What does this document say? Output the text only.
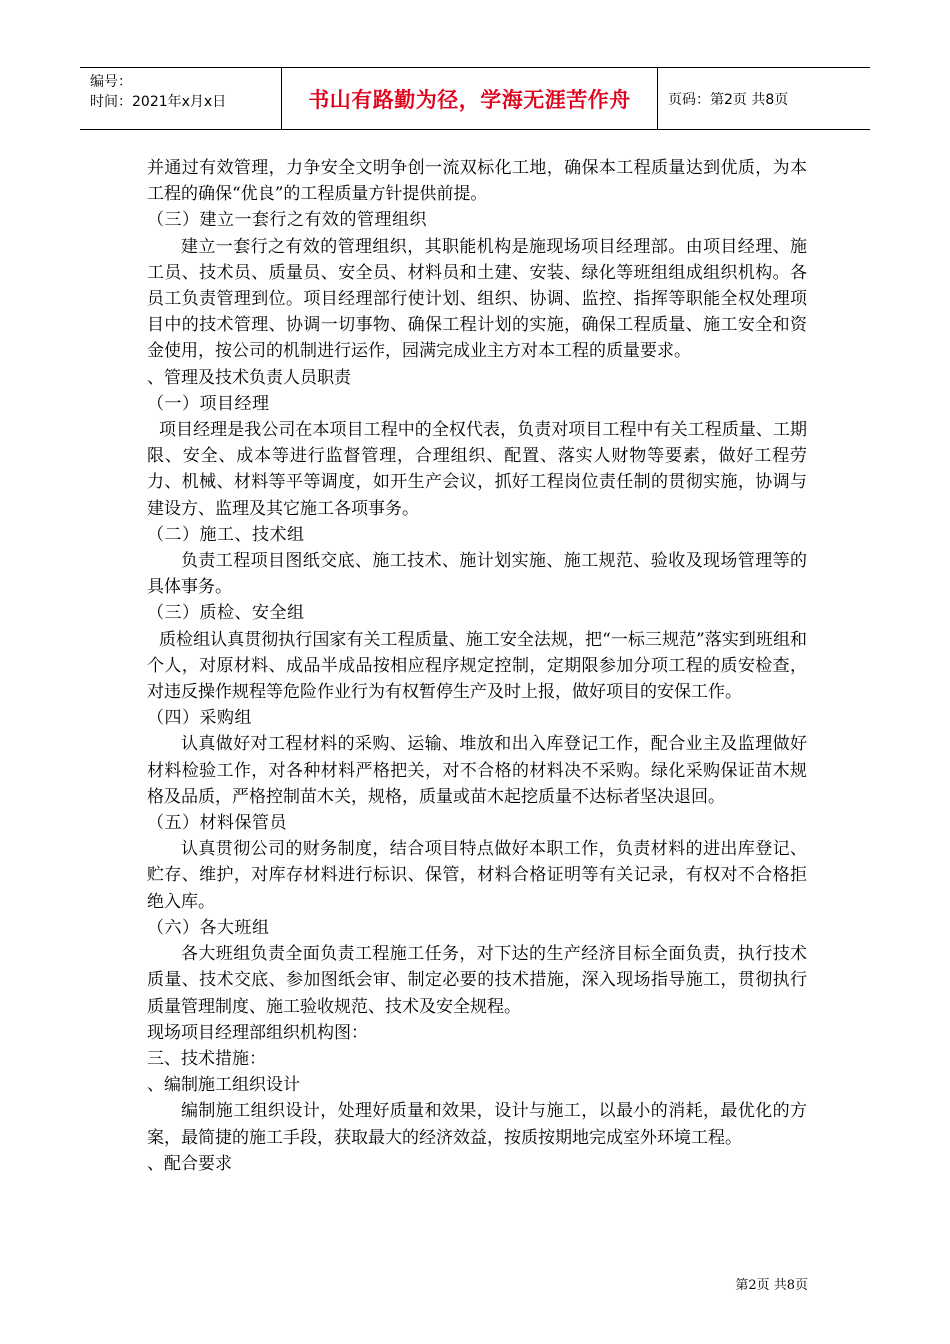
编号：
时间：2021年x月x日	书山有路勤为径，学海无涯苦作舟	页码：第2页 共8页

并通过有效管理，力争安全文明争创一流双标化工地，确保本工程质量达到优质，为本工程的确保“优良”的工程质量方针提供前提。

（三）建立一套行之有效的管理组织

建立一套行之有效的管理组织，其职能机构是施现场项目经理部。由项目经理、施工员、技术员、质量员、安全员、材料员和土建、安装、绿化等班组组成组织机构。各员工负责管理到位。项目经理部行使计划、组织、协调、监控、指挥等职能全权处理项目中的技术管理、协调一切事物、确保工程计划的实施，确保工程质量、施工安全和资金使用，按公司的机制进行运作，园满完成业主方对本工程的质量要求。

、管理及技术负责人员职责

（一）项目经理

项目经理是我公司在本项目工程中的全权代表，负责对项目工程中有关工程质量、工期限、安全、成本等进行监督管理，合理组织、配置、落实人财物等要素，做好工程劳力、机械、材料等平等调度，如开生产会议，抓好工程岗位责任制的贯彻实施，协调与建设方、监理及其它施工各项事务。

（二）施工、技术组

负责工程项目图纸交底、施工技术、施计划实施、施工规范、验收及现场管理等的具体事务。

（三）质检、安全组

质检组认真贯彻执行国家有关工程质量、施工安全法规，把“一标三规范”落实到班组和个人，对原材料、成品半成品按相应程序规定控制，定期限参加分项工程的质安检查，对违反操作规程等危险作业行为有权暂停生产及时上报，做好项目的安保工作。

（四）采购组

认真做好对工程材料的采购、运输、堆放和出入库登记工作，配合业主及监理做好材料检验工作，对各种材料严格把关，对不合格的材料决不采购。绿化采购保证苗木规格及品质，严格控制苗木关，规格，质量或苗木起挖质量不达标者坚决退回。

（五）材料保管员

认真贯彻公司的财务制度，结合项目特点做好本职工作，负责材料的进出库登记、贮存、维护，对库存材料进行标识、保管，材料合格证明等有关记录，有权对不合格拒绝入库。

（六）各大班组

各大班组负责全面负责工程施工任务，对下达的生产经济目标全面负责，执行技术质量、技术交底、参加图纸会审、制定必要的技术措施，深入现场指导施工，贯彻执行质量管理制度、施工验收规范、技术及安全规程。

现场项目经理部组织机构图：

三、技术措施：

、编制施工组织设计

编制施工组织设计，处理好质量和效果，设计与施工，以最小的消耗，最优化的方案，最简捷的施工手段，获取最大的经济效益，按质按期地完成室外环境工程。

、配合要求

第2页 共8页
